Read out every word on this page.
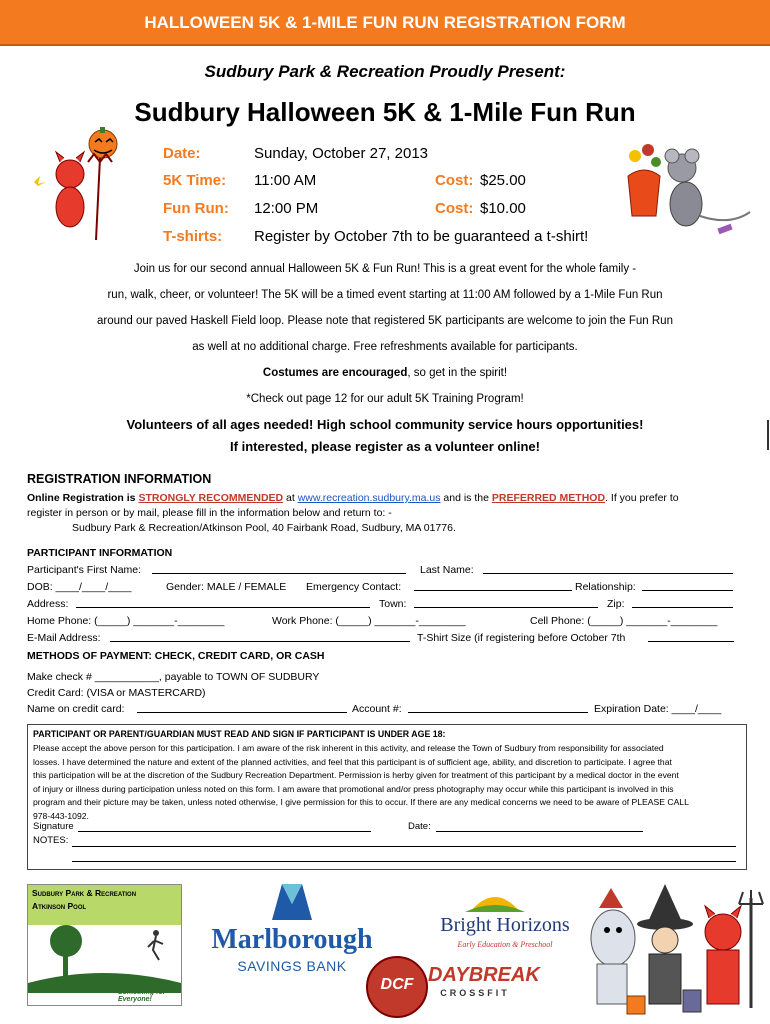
HALLOWEEN 5K & 1-MILE FUN RUN REGISTRATION FORM
Sudbury Park & Recreation Proudly Present:
Sudbury Halloween 5K & 1-Mile Fun Run
Date:	Sunday, October 27, 2013
5K Time: 11:00 AM	Cost: $25.00
Fun Run: 12:00 PM	Cost: $10.00
T-shirts: Register by October 7th to be guaranteed a t-shirt!
Join us for our second annual Halloween 5K & Fun Run! This is a great event for the whole family -
run, walk, cheer, or volunteer! The 5K will be a timed event starting at 11:00 AM followed by a 1-Mile Fun Run
around our paved Haskell Field loop. Please note that registered 5K participants are welcome to join the Fun Run
as well at no additional charge. Free refreshments available for participants.
Costumes are encouraged, so get in the spirit!
*Check out page 12 for our adult 5K Training Program!
Volunteers of all ages needed! High school community service hours opportunities!
If interested, please register as a volunteer online!
REGISTRATION INFORMATION
Online Registration is STRONGLY RECOMMENDED at www.recreation.sudbury.ma.us and is the PREFERRED METHOD. If you prefer to
register in person or by mail, please fill in the information below and return to: -
Sudbury Park & Recreation/Atkinson Pool, 40 Fairbank Road, Sudbury, MA 01776.
PARTICIPANT INFORMATION
Participant's First Name:	Last Name:
DOB: ____/____/____	Gender: MALE / FEMALE Emergency Contact:	Relationship:
Address:	Town:	Zip:
Home Phone: (_____) _______-________	Work Phone: (_____) _______-________	Cell Phone: (_____) _______-________
E-Mail Address:	T-Shirt Size (if registering before October 7th
METHODS OF PAYMENT: CHECK, CREDIT CARD, OR CASH
Make check # ___________, payable to TOWN OF SUDBURY
Credit Card: (VISA or MASTERCARD)
Name on credit card:	Account #:	Expiration Date: ____/____
PARTICIPANT OR PARENT/GUARDIAN MUST READ AND SIGN IF PARTICIPANT IS UNDER AGE 18:
Please accept the above person for this participation. I am aware of the risk inherent in this activity, and release the Town of Sudbury from responsibility for associated
losses. I have determined the nature and extent of the planned activities, and feel that this participant is of sufficient age, ability, and discretion to participate. I agree that
this participation will be at the discretion of the Sudbury Recreation Department. Permission is herby given for treatment of this participant by a medical doctor in the event
of injury or illness during participation unless noted on this form. I am aware that promotional and/or press photography may occur while this participant is involved in this
program and their picture may be taken, unless noted otherwise, I give permission for this to occur. If there are any medical concerns we need to be aware of PLEASE CALL
978-443-1092.
Signature	Date:
NOTES:
Sudbury Park & Recreation
Atkinson Pool
Something for Everyone!
Marlborough
SAVINGS BANK
Bright Horizons
Early Education & Preschool
DCF DAYBREAK
CROSSFIT
